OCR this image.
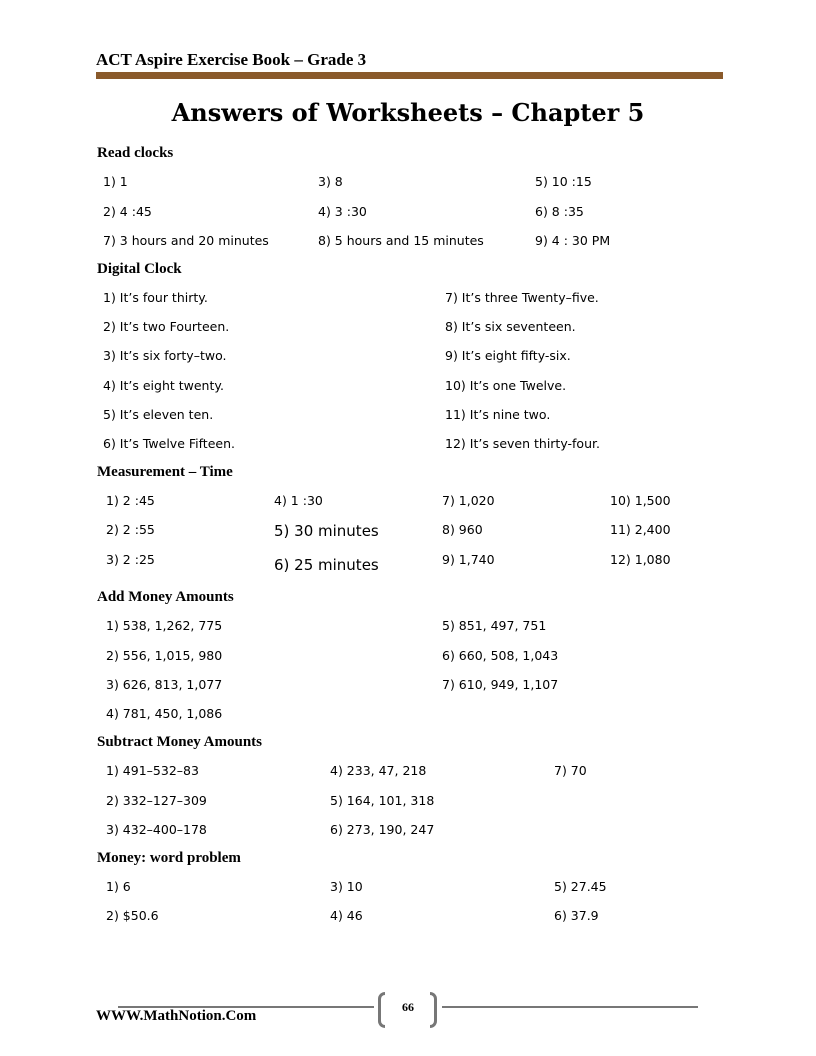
ACT Aspire Exercise Book – Grade 3
Answers of Worksheets – Chapter 5
Read clocks
1) 1	3) 8	5) 10 :15
2) 4 :45	4) 3 :30	6) 8 :35
7) 3 hours and 20 minutes	8) 5 hours and 15 minutes	9) 4 : 30 PM
Digital Clock
1) It’s four thirty.	7) It’s three Twenty–five.
2) It’s two Fourteen.	8) It’s six seventeen.
3) It’s six forty–two.	9) It’s eight fifty-six.
4) It’s eight twenty.	10) It’s one Twelve.
5) It’s eleven ten.	11) It’s nine two.
6) It’s Twelve Fifteen.	12) It’s seven thirty-four.
Measurement – Time
1) 2 :45	4) 1 :30	7) 1,020	10) 1,500
2) 2 :55	5) 30 minutes	8) 960	11) 2,400
3) 2 :25	6) 25 minutes	9) 1,740	12) 1,080
Add Money Amounts
1) 538, 1,262, 775	5) 851, 497, 751
2) 556, 1,015, 980	6) 660, 508, 1,043
3) 626, 813, 1,077	7) 610, 949, 1,107
4) 781, 450, 1,086
Subtract Money Amounts
1) 491–532–83	4) 233, 47, 218	7) 70
2) 332–127–309	5) 164, 101, 318
3) 432–400–178	6) 273, 190, 247
Money: word problem
1) 6	3) 10	5) 27.45
2) $50.6	4) 46	6) 37.9
66
WWW.MathNotion.Com
